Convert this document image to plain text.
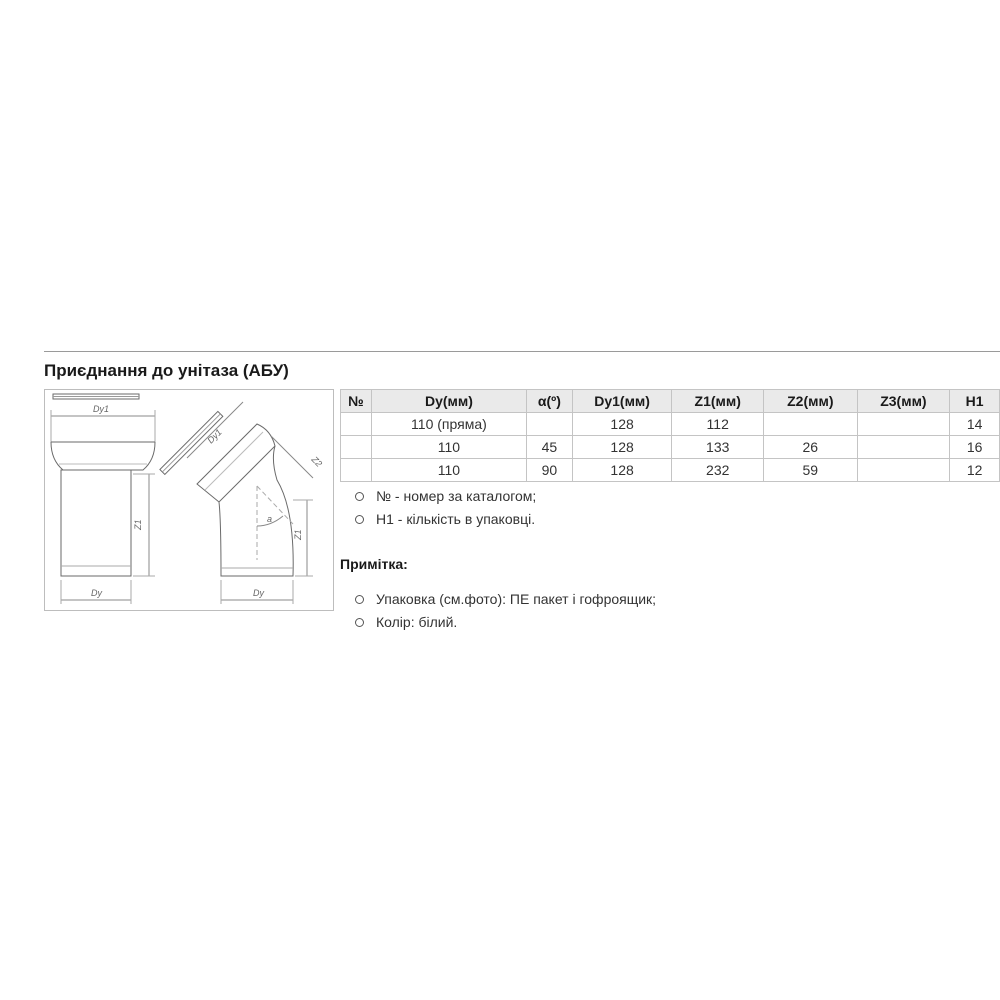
Приєднання до унітаза (АБУ)
Dy1
Z1
Dy
Dy1
Z2
a
Z1
Dy
№	Dy(мм)	α(º)	Dy1(мм)	Z1(мм)	Z2(мм)	Z3(мм)	H1
	110 (пряма)		128	112			14
	110	45	128	133	26		16
	110	90	128	232	59		12
№ - номер за каталогом;
H1 - кількість в упаковці.
Примітка:
Упаковка (см.фото): ПЕ пакет і гофроящик;
Колір: білий.
